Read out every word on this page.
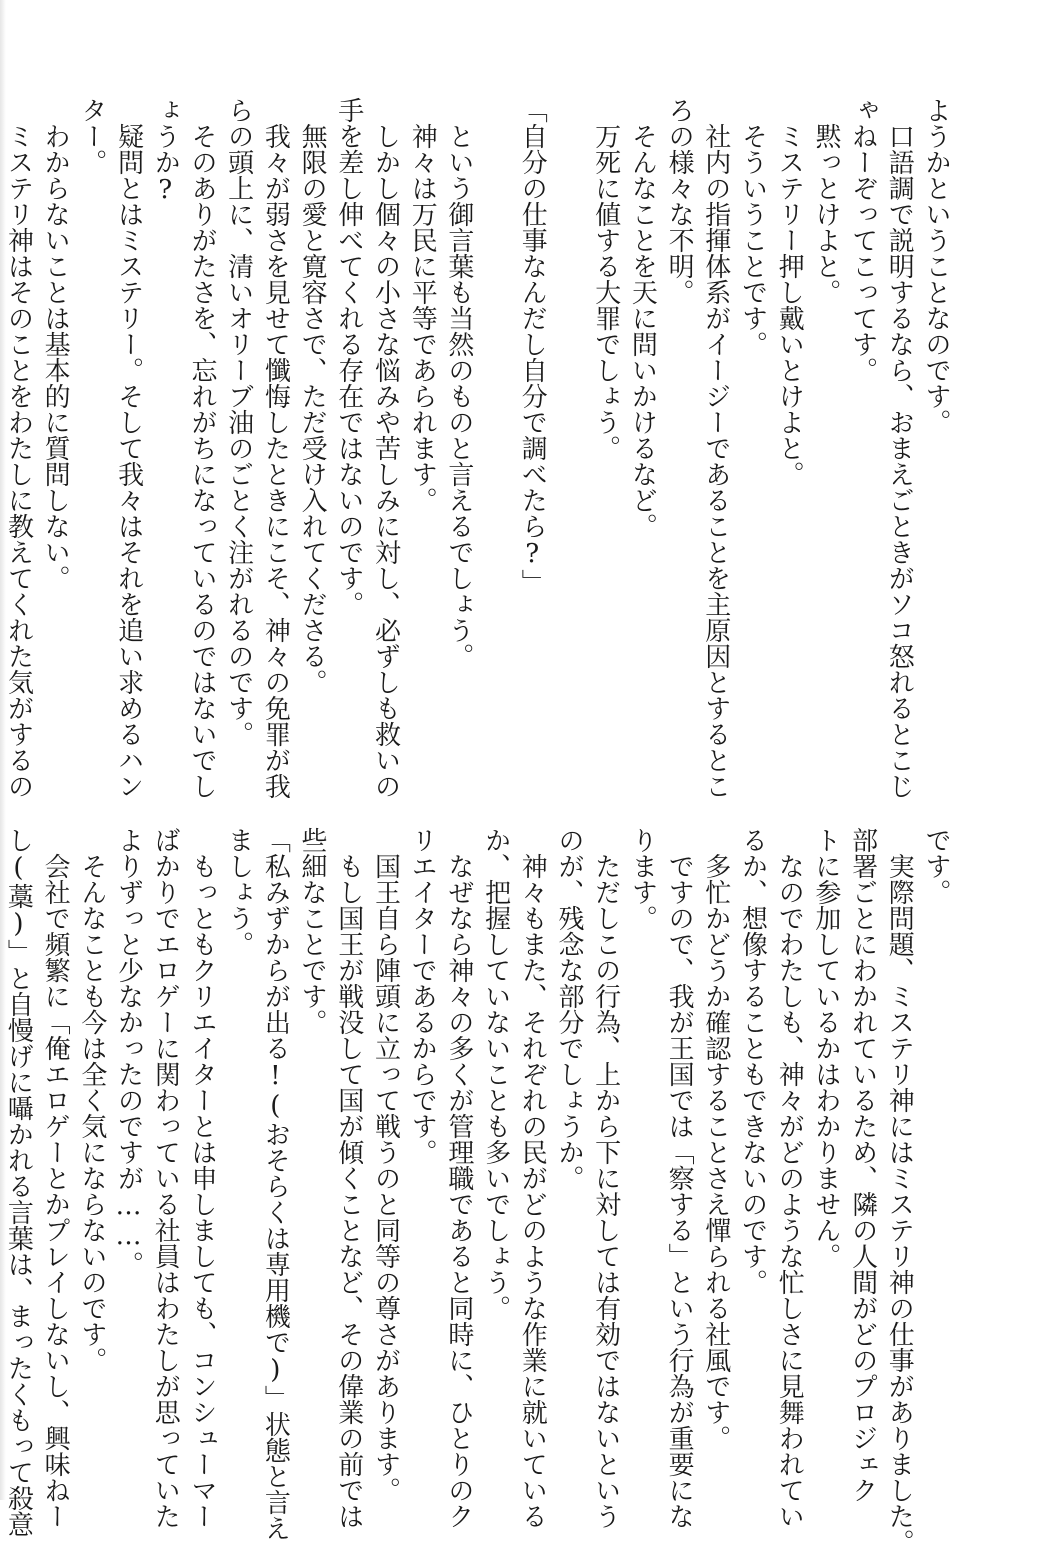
ようかということなのです。
　口語調で説明するなら、おまえごときがソコ怒れるとこじ
ゃねーぞってこってす。
　黙っとけよと。
　ミステリー押し戴いとけよと。
　そういうことです。
　社内の指揮体系がイージーであることを主原因とするとこ
ろの様々な不明。
　そんなことを天に問いかけるなど。
　万死に値する大罪でしょう。
「自分の仕事なんだし自分で調べたら?」
　という御言葉も当然のものと言えるでしょう。
　神々は万民に平等であられます。
　しかし個々の小さな悩みや苦しみに対し、必ずしも救いの
手を差し伸べてくれる存在ではないのです。
　無限の愛と寛容さで、ただ受け入れてくださる。
　我々が弱さを見せて懺悔したときにこそ、神々の免罪が我
らの頭上に、清いオリーブ油のごとく注がれるのです。
　そのありがたさを、忘れがちになっているのではないでし
ょうか?
　疑問とはミステリー。そして我々はそれを追い求めるハン
ター。
　わからないことは基本的に質問しない。
　ミステリ神はそのことをわたしに教えてくれた気がするの
です。
　実際問題、ミステリ神にはミステリ神の仕事がありました。
部署ごとにわかれているため、隣の人間がどのプロジェク
トに参加しているかはわかりません。
　なのでわたしも、神々がどのような忙しさに見舞われてい
るか、想像することもできないのです。
　多忙かどうか確認することさえ憚られる社風です。
　ですので、我が王国では「察する」という行為が重要にな
ります。
　ただしこの行為、上から下に対しては有効ではないという
のが、残念な部分でしょうか。
　神々もまた、それぞれの民がどのような作業に就いている
か、把握していないことも多いでしょう。
　なぜなら神々の多くが管理職であると同時に、ひとりのク
リエイターであるからです。
　国王自ら陣頭に立って戦うのと同等の尊さがあります。
　もし国王が戦没して国が傾くことなど、その偉業の前では
些細なことです。
「私みずからが出る!(おそらくは専用機で)」状態と言え
ましょう。
　もっともクリエイターとは申しましても、コンシューマー
ばかりでエロゲーに関わっている社員はわたしが思っていた
よりずっと少なかったのですが……。
　そんなことも今は全く気にならないのです。
　会社で頻繁に「俺エロゲーとかプレイしないし、興味ねー
し(藁)」と自慢げに囁かれる言葉は、まったくもって殺意
